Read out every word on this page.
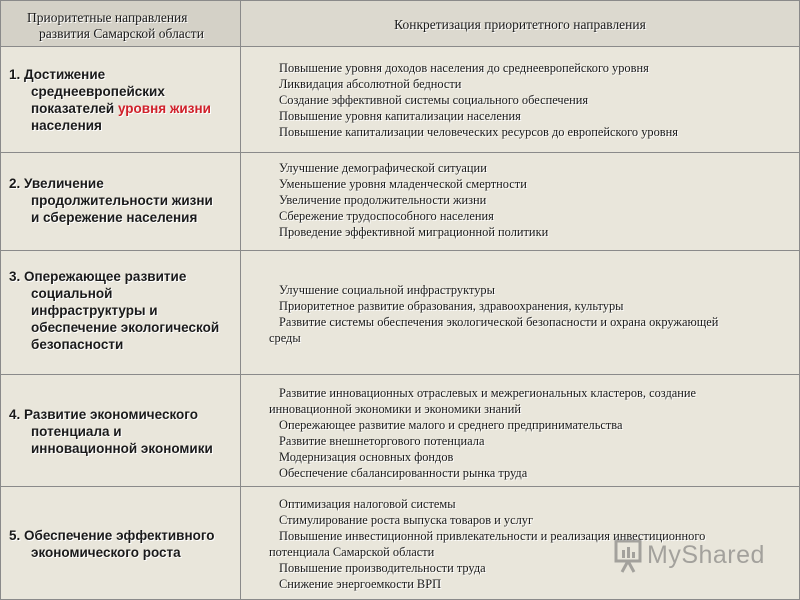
Приоритетные направления
развития Самарской области
Конкретизация приоритетного направления
1. Достижение
среднеевропейских
показателей уровня жизни
населения
Повышение уровня доходов населения до среднеевропейского уровня
Ликвидация абсолютной бедности
Создание эффективной системы социального обеспечения
Повышение уровня капитализации населения
Повышение капитализации человеческих ресурсов до европейского уровня
2. Увеличение
продолжительности жизни
и сбережение населения
Улучшение демографической ситуации
Уменьшение уровня младенческой смертности
Увеличение продолжительности жизни
Сбережение трудоспособного населения
Проведение эффективной миграционной политики
3. Опережающее развитие
социальной
инфраструктуры и
обеспечение экологической
безопасности
Улучшение социальной инфраструктуры
Приоритетное развитие образования, здравоохранения, культуры
Развитие системы обеспечения экологической безопасности и охрана окружающей
среды
4. Развитие экономического
потенциала и
инновационной экономики
Развитие инновационных отраслевых и межрегиональных кластеров, создание
инновационной экономики и экономики знаний
Опережающее развитие малого и среднего предпринимательства
Развитие внешнеторгового потенциала
Модернизация основных фондов
Обеспечение сбалансированности рынка труда
5. Обеспечение эффективного
экономического роста
Оптимизация налоговой системы
Стимулирование роста выпуска товаров и услуг
Повышение инвестиционной привлекательности и реализация инвестиционного
потенциала Самарской области
Повышение производительности труда
Снижение энергоемкости ВРП
MyShared
